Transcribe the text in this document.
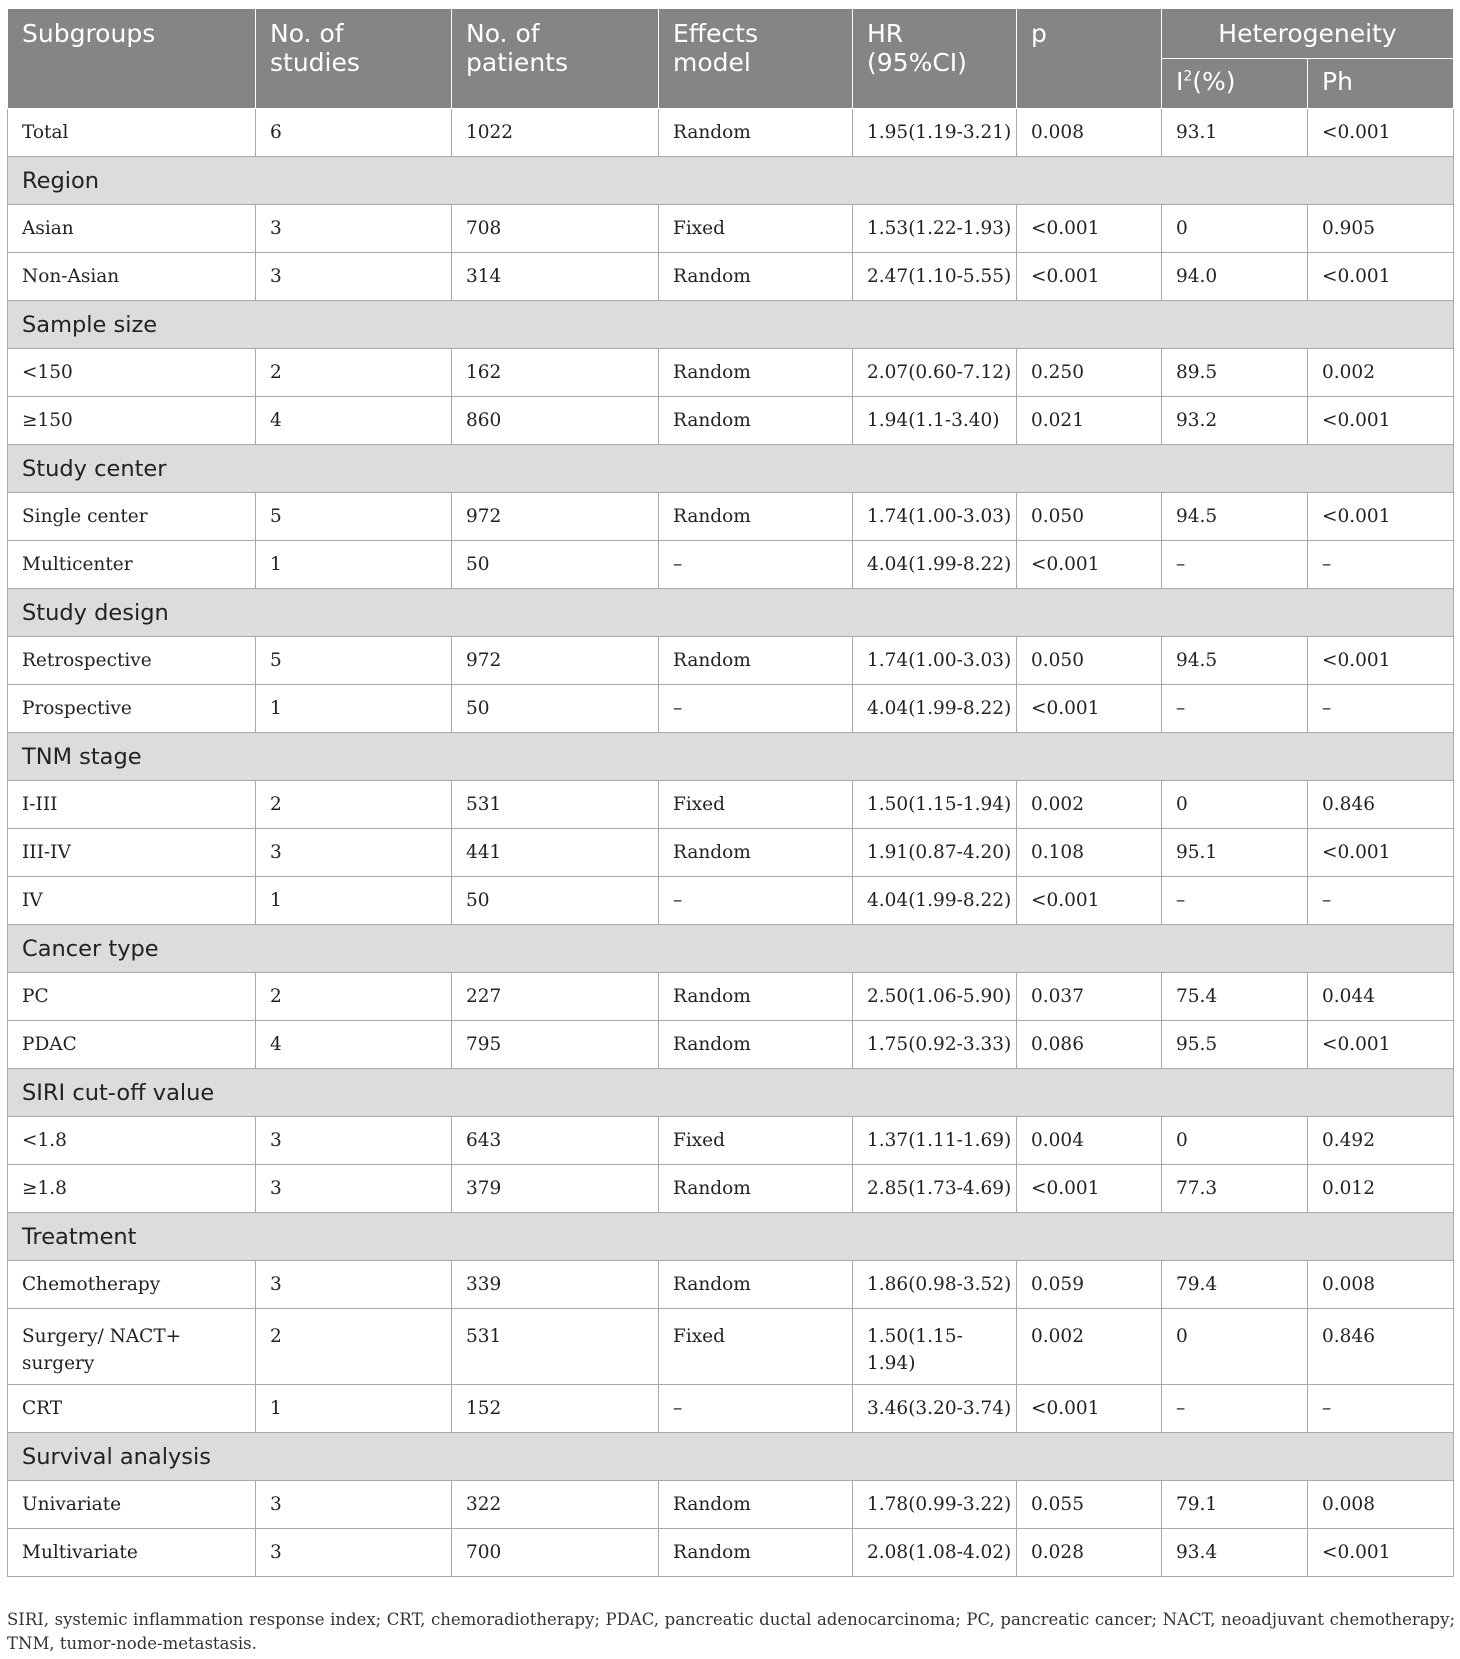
Subgroups	No. of studies	No. of patients	Effects model	HR (95%CI)	p	Heterogeneity	
						$I^2(\%)$	Ph
Total	6	1022	Random	1.95(1.19-3.21)	0.008	93.1	<0.001
Region							
Asian	3	708	Fixed	1.53(1.22-1.93)	<0.001	0	0.905
Non-Asian	3	314	Random	2.47(1.10-5.55)	<0.001	94.0	<0.001
Sample size							
<150	2	162	Random	2.07(0.60-7.12)	0.250	89.5	0.002
≥150	4	860	Random	1.94(1.1-3.40)	0.021	93.2	<0.001
Study center							
Single center	5	972	Random	1.74(1.00-3.03)	0.050	94.5	<0.001
Multicenter	1	50	–	4.04(1.99-8.22)	<0.001	–	–
Study design							
Retrospective	5	972	Random	1.74(1.00-3.03)	0.050	94.5	<0.001
Prospective	1	50	–	4.04(1.99-8.22)	<0.001	–	–
TNM stage							
I-III	2	531	Fixed	1.50(1.15-1.94)	0.002	0	0.846
III-IV	3	441	Random	1.91(0.87-4.20)	0.108	95.1	<0.001
IV	1	50	–	4.04(1.99-8.22)	<0.001	–	–
Cancer type							
PC	2	227	Random	2.50(1.06-5.90)	0.037	75.4	0.044
PDAC	4	795	Random	1.75(0.92-3.33)	0.086	95.5	<0.001
SIRI cut-off value							
<1.8	3	643	Fixed	1.37(1.11-1.69)	0.004	0	0.492
≥1.8	3	379	Random	2.85(1.73-4.69)	<0.001	77.3	0.012
Treatment							
Chemotherapy	3	339	Random	1.86(0.98-3.52)	0.059	79.4	0.008
Surgery/ NACT+ surgery	2	531	Fixed	1.50(1.15-1.94)	0.002	0	0.846
CRT	1	152	–	3.46(3.20-3.74)	<0.001	–	–
Survival analysis							
Univariate	3	322	Random	1.78(0.99-3.22)	0.055	79.1	0.008
Multivariate	3	700	Random	2.08(1.08-4.02)	0.028	93.4	<0.001
SIRI, systemic inflammation response index; CRT, chemoradiotherapy; PDAC, pancreatic ductal adenocarcinoma; PC, pancreatic cancer; NACT, neoadjuvant chemotherapy; TNM, tumor-node-metastasis.
